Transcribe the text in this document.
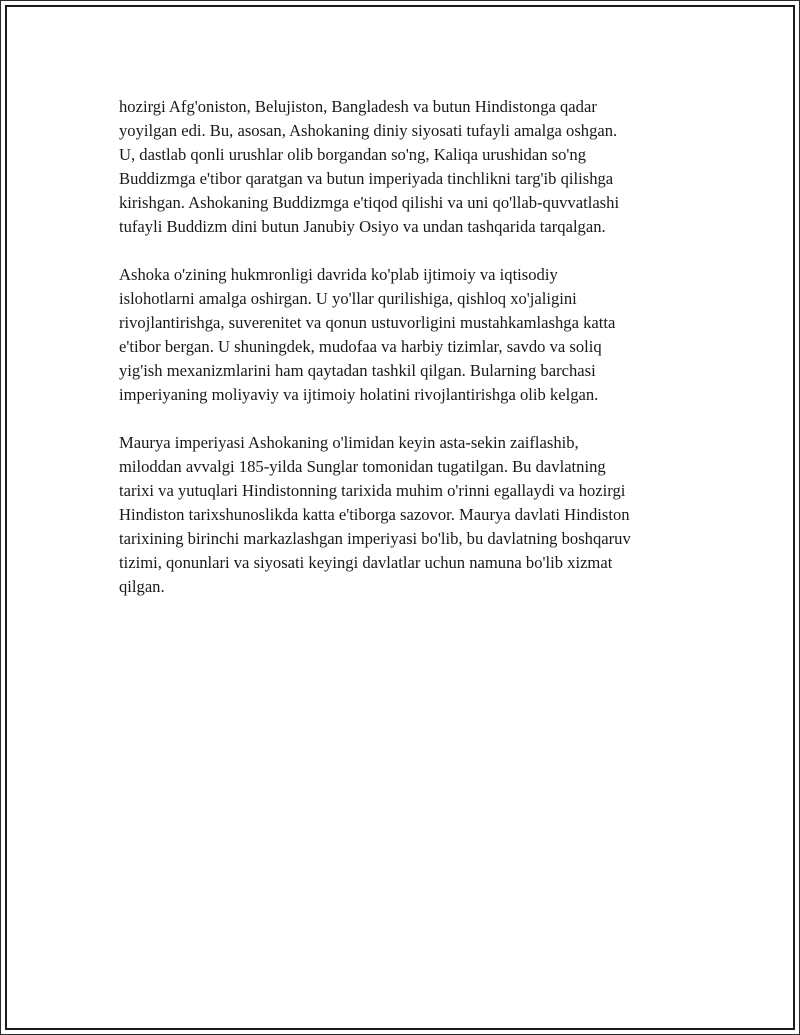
hozirgi Afg'oniston, Belujiston, Bangladesh va butun Hindistonga qadar
yoyilgan edi. Bu, asosan, Ashokaning diniy siyosati tufayli amalga oshgan.
U, dastlab qonli urushlar olib borgandan so'ng, Kaliqa urushidan so'ng
Buddizmga e'tibor qaratgan va butun imperiyada tinchlikni targ'ib qilishga
kirishgan. Ashokaning Buddizmga e'tiqod qilishi va uni qo'llab-quvvatlashi
tufayli Buddizm dini butun Janubiy Osiyo va undan tashqarida tarqalgan.

Ashoka o'zining hukmronligi davrida ko'plab ijtimoiy va iqtisodiy
islohotlarni amalga oshirgan. U yo'llar qurilishiga, qishloq xo'jaligini
rivojlantirishga, suverenitet va qonun ustuvorligini mustahkamlashga katta
e'tibor bergan. U shuningdek, mudofaa va harbiy tizimlar, savdo va soliq
yig'ish mexanizmlarini ham qaytadan tashkil qilgan. Bularning barchasi
imperiyaning moliyaviy va ijtimoiy holatini rivojlantirishga olib kelgan.

Maurya imperiyasi Ashokaning o'limidan keyin asta-sekin zaiflashib,
miloddan avvalgi 185-yilda Sunglar tomonidan tugatilgan. Bu davlatning
tarixi va yutuqlari Hindistonning tarixida muhim o'rinni egallaydi va hozirgi
Hindiston tarixshunoslikda katta e'tiborga sazovor. Maurya davlati Hindiston
tarixining birinchi markazlashgan imperiyasi bo'lib, bu davlatning boshqaruv
tizimi, qonunlari va siyosati keyingi davlatlar uchun namuna bo'lib xizmat
qilgan.
